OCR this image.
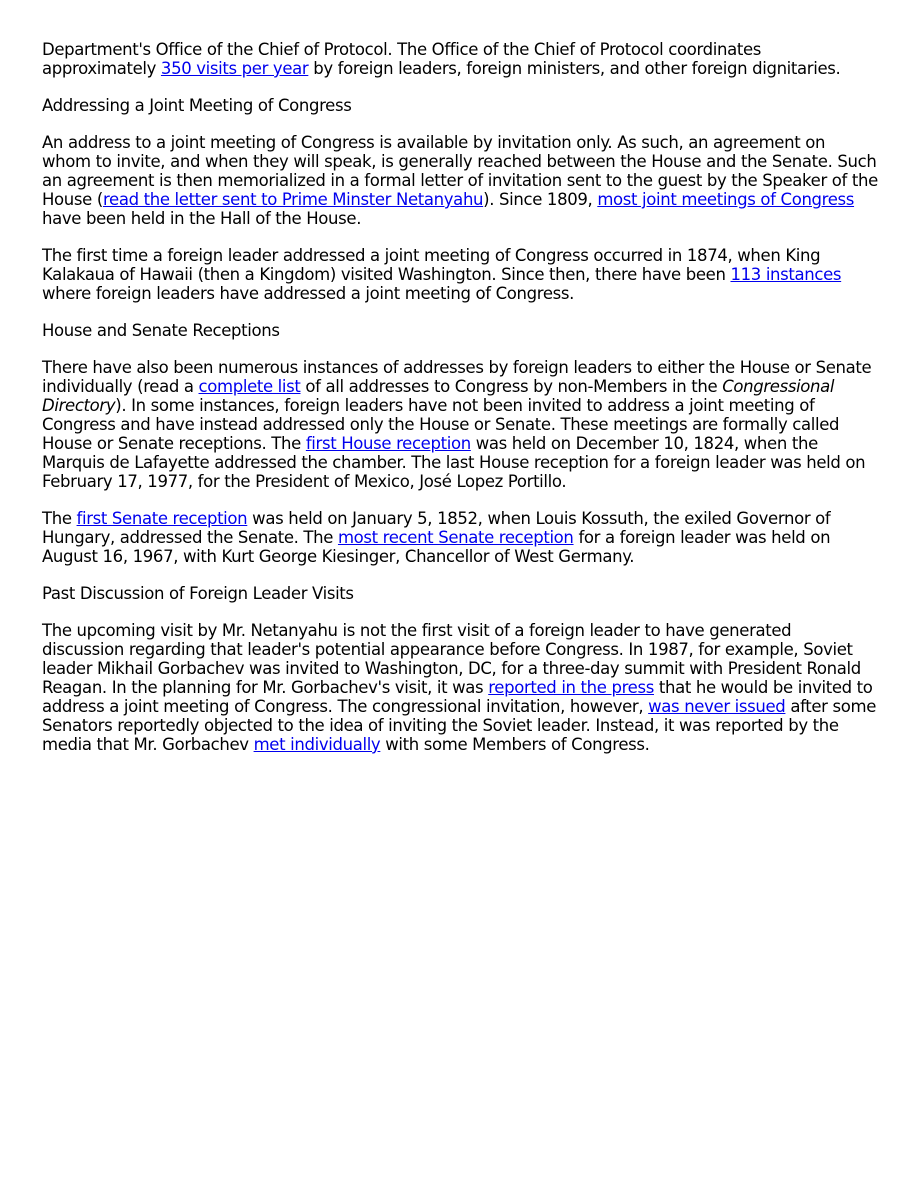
Department's Office of the Chief of Protocol. The Office of the Chief of Protocol coordinates approximately 350 visits per year by foreign leaders, foreign ministers, and other foreign dignitaries.

Addressing a Joint Meeting of Congress

An address to a joint meeting of Congress is available by invitation only. As such, an agreement on whom to invite, and when they will speak, is generally reached between the House and the Senate. Such an agreement is then memorialized in a formal letter of invitation sent to the guest by the Speaker of the House (read the letter sent to Prime Minster Netanyahu). Since 1809, most joint meetings of Congress have been held in the Hall of the House.

The first time a foreign leader addressed a joint meeting of Congress occurred in 1874, when King Kalakaua of Hawaii (then a Kingdom) visited Washington. Since then, there have been 113 instances where foreign leaders have addressed a joint meeting of Congress.

House and Senate Receptions

There have also been numerous instances of addresses by foreign leaders to either the House or Senate individually (read a complete list of all addresses to Congress by non-Members in the Congressional Directory). In some instances, foreign leaders have not been invited to address a joint meeting of Congress and have instead addressed only the House or Senate. These meetings are formally called House or Senate receptions. The first House reception was held on December 10, 1824, when the Marquis de Lafayette addressed the chamber. The last House reception for a foreign leader was held on February 17, 1977, for the President of Mexico, José Lopez Portillo.

The first Senate reception was held on January 5, 1852, when Louis Kossuth, the exiled Governor of Hungary, addressed the Senate. The most recent Senate reception for a foreign leader was held on August 16, 1967, with Kurt George Kiesinger, Chancellor of West Germany.

Past Discussion of Foreign Leader Visits

The upcoming visit by Mr. Netanyahu is not the first visit of a foreign leader to have generated discussion regarding that leader's potential appearance before Congress. In 1987, for example, Soviet leader Mikhail Gorbachev was invited to Washington, DC, for a three-day summit with President Ronald Reagan. In the planning for Mr. Gorbachev's visit, it was reported in the press that he would be invited to address a joint meeting of Congress. The congressional invitation, however, was never issued after some Senators reportedly objected to the idea of inviting the Soviet leader. Instead, it was reported by the media that Mr. Gorbachev met individually with some Members of Congress.
